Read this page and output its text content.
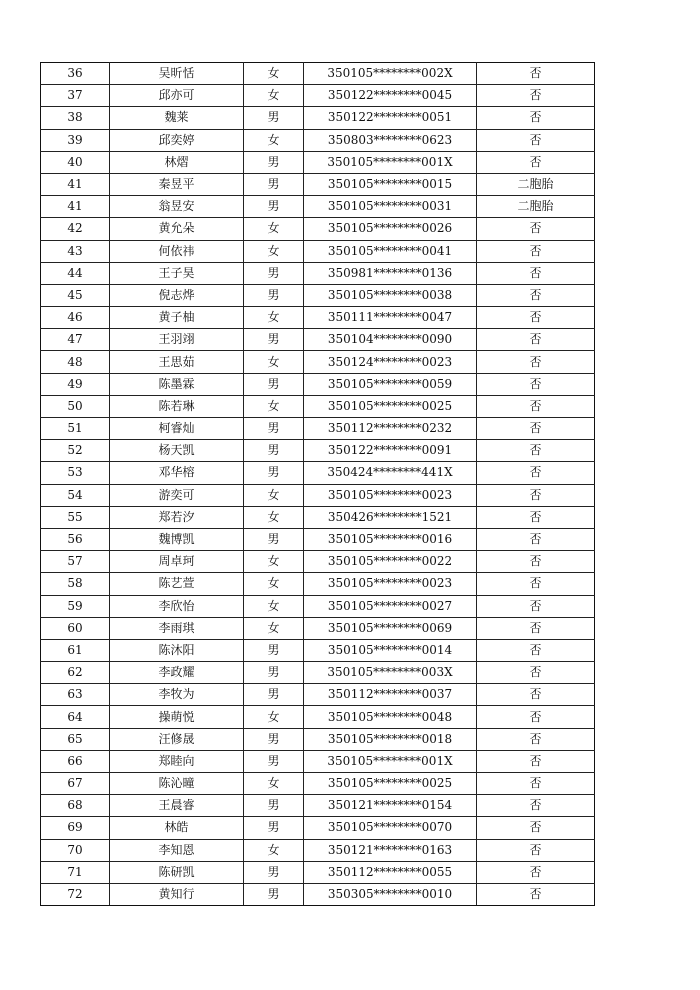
36	吴昕恬	女	350105********002X	否
37	邱亦可	女	350122********0045	否
38	魏莱	男	350122********0051	否
39	邱奕婷	女	350803********0623	否
40	林熠	男	350105********001X	否
41	秦昱平	男	350105********0015	二胞胎
41	翁昱安	男	350105********0031	二胞胎
42	黄允朵	女	350105********0026	否
43	何依祎	女	350105********0041	否
44	王子昊	男	350981********0136	否
45	倪志烨	男	350105********0038	否
46	黄子柚	女	350111********0047	否
47	王羽翊	男	350104********0090	否
48	王思茹	女	350124********0023	否
49	陈墨霖	男	350105********0059	否
50	陈若琳	女	350105********0025	否
51	柯睿灿	男	350112********0232	否
52	杨天凯	男	350122********0091	否
53	邓华榕	男	350424********441X	否
54	游奕可	女	350105********0023	否
55	郑若汐	女	350426********1521	否
56	魏博凯	男	350105********0016	否
57	周卓珂	女	350105********0022	否
58	陈艺萱	女	350105********0023	否
59	李欣怡	女	350105********0027	否
60	李雨琪	女	350105********0069	否
61	陈沐阳	男	350105********0014	否
62	李政耀	男	350105********003X	否
63	李牧为	男	350112********0037	否
64	操萌悦	女	350105********0048	否
65	汪修晟	男	350105********0018	否
66	郑睦向	男	350105********001X	否
67	陈沁曈	女	350105********0025	否
68	王晨睿	男	350121********0154	否
69	林皓	男	350105********0070	否
70	李知恩	女	350121********0163	否
71	陈研凯	男	350112********0055	否
72	黄知行	男	350305********0010	否
